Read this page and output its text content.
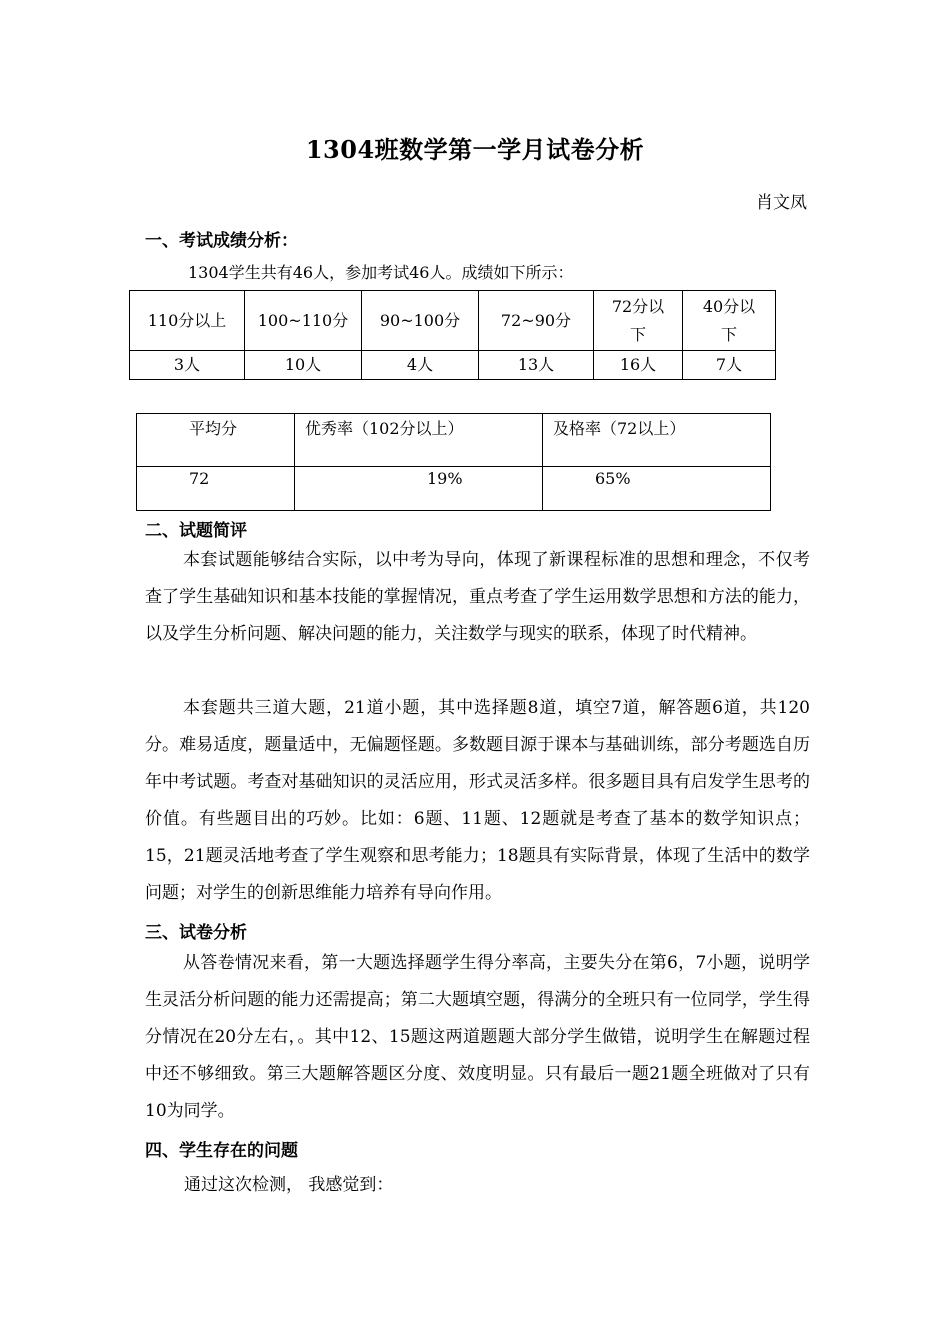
1304班数学第一学月试卷分析
肖文凤
一、考试成绩分析：
1304学生共有46人，参加考试46人。成绩如下所示：
110分以上	100~110分	90~100分	72~90分	72分以下	40分以下

3人	10人	4人	13人	16人	7人
平均分	优秀率（102分以上）	及格率（72以上）
72	19%	65%
二、试题简评
本套试题能够结合实际，以中考为导向，体现了新课程标准的思想和理念，不仅考查了学生基础知识和基本技能的掌握情况，重点考查了学生运用数学思想和方法的能力，以及学生分析问题、解决问题的能力，关注数学与现实的联系，体现了时代精神。
本套题共三道大题，21道小题，其中选择题8道，填空7道，解答题6道，共120分。难易适度，题量适中，无偏题怪题。多数题目源于课本与基础训练，部分考题选自历年中考试题。考查对基础知识的灵活应用，形式灵活多样。很多题目具有启发学生思考的价值。有些题目出的巧妙。比如：6题、11题、12题就是考查了基本的数学知识点；15，21题灵活地考查了学生观察和思考能力；18题具有实际背景，体现了生活中的数学问题；对学生的创新思维能力培养有导向作用。
三、试卷分析
从答卷情况来看，第一大题选择题学生得分率高，主要失分在第6，7小题，说明学生灵活分析问题的能力还需提高；第二大题填空题，得满分的全班只有一位同学，学生得分情况在20分左右，。其中12、15题这两道题题大部分学生做错，说明学生在解题过程中还不够细致。第三大题解答题区分度、效度明显。只有最后一题21题全班做对了只有10为同学。
四、学生存在的问题
通过这次检测， 我感觉到：
